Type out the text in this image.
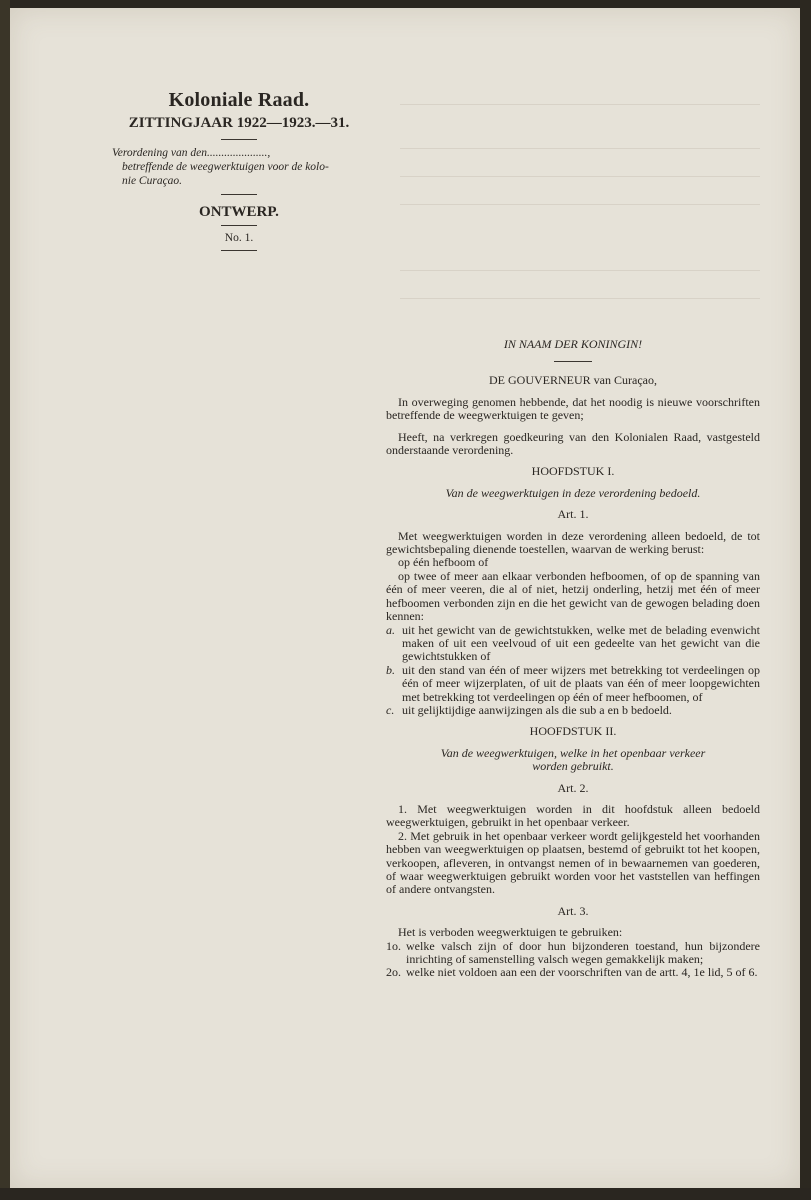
Koloniale Raad.
ZITTINGJAAR 1922—1923.—31.
Verordening van den.....................,
betreffende de weegwerktuigen voor de kolo-
nie Curaçao.
ONTWERP.
No. 1.

IN NAAM DER KONINGIN!

DE GOUVERNEUR van Curaçao,

In overweging genomen hebbende, dat het noodig is nieuwe voorschriften betreffende de weegwerktuigen te geven;

Heeft, na verkregen goedkeuring van den Kolonialen Raad, vastgesteld onderstaande verordening.

HOOFDSTUK I.

Van de weegwerktuigen in deze verordening bedoeld.

Art. 1.

Met weegwerktuigen worden in deze verordening alleen bedoeld, de tot gewichtsbepaling dienende toestellen, waarvan de werking berust:

op één hefboom of

op twee of meer aan elkaar verbonden hefboomen, of op de spanning van één of meer veeren, die al of niet, hetzij onderling, hetzij met één of meer hefboomen verbonden zijn en die het gewicht van de gewogen belading doen kennen:

a. uit het gewicht van de gewichtstukken, welke met de belading evenwicht maken of uit een veelvoud of uit een gedeelte van het gewicht van die gewichtstukken of
b. uit den stand van één of meer wijzers met betrekking tot verdeelingen op één of meer wijzerplaten, of uit de plaats van één of meer loopgewichten met betrekking tot verdeelingen op één of meer hefboomen, of
c. uit gelijktijdige aanwijzingen als die sub a en b bedoeld.

HOOFDSTUK II.

Van de weegwerktuigen, welke in het openbaar verkeer

worden gebruikt.

Art. 2.

1. Met weegwerktuigen worden in dit hoofdstuk alleen bedoeld weegwerktuigen, gebruikt in het openbaar verkeer.

2. Met gebruik in het openbaar verkeer wordt gelijkgesteld het voorhanden hebben van weegwerktuigen op plaatsen, bestemd of gebruikt tot het koopen, verkoopen, afleveren, in ontvangst nemen of in bewaarnemen van goederen, of waar weegwerktuigen gebruikt worden voor het vaststellen van heffingen of andere ontvangsten.

Art. 3.

Het is verboden weegwerktuigen te gebruiken:

1o. welke valsch zijn of door hun bijzonderen toestand, hun bijzondere inrichting of samenstelling valsch wegen gemakkelijk maken;
2o. welke niet voldoen aan een der voorschriften van de artt. 4, 1e lid, 5 of 6.
